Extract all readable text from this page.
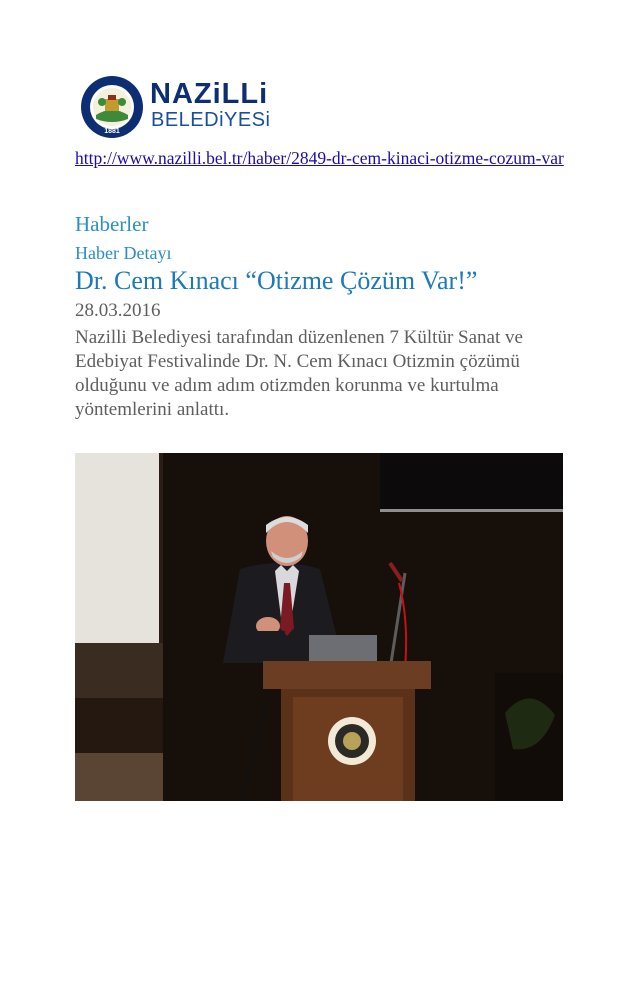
1881
NAZiLLi
BELEDiYESi
http://www.nazilli.bel.tr/haber/2849-dr-cem-kinaci-otizme-cozum-var
Haberler
Haber Detayı
Dr. Cem Kınacı “Otizme Çözüm Var!”
28.03.2016
Nazilli Belediyesi tarafından düzenlenen 7 Kültür Sanat ve Edebiyat Festivalinde Dr. N. Cem Kınacı Otizmin çözümü olduğunu ve adım adım otizmden korunma ve kurtulma yöntemlerini anlattı.
